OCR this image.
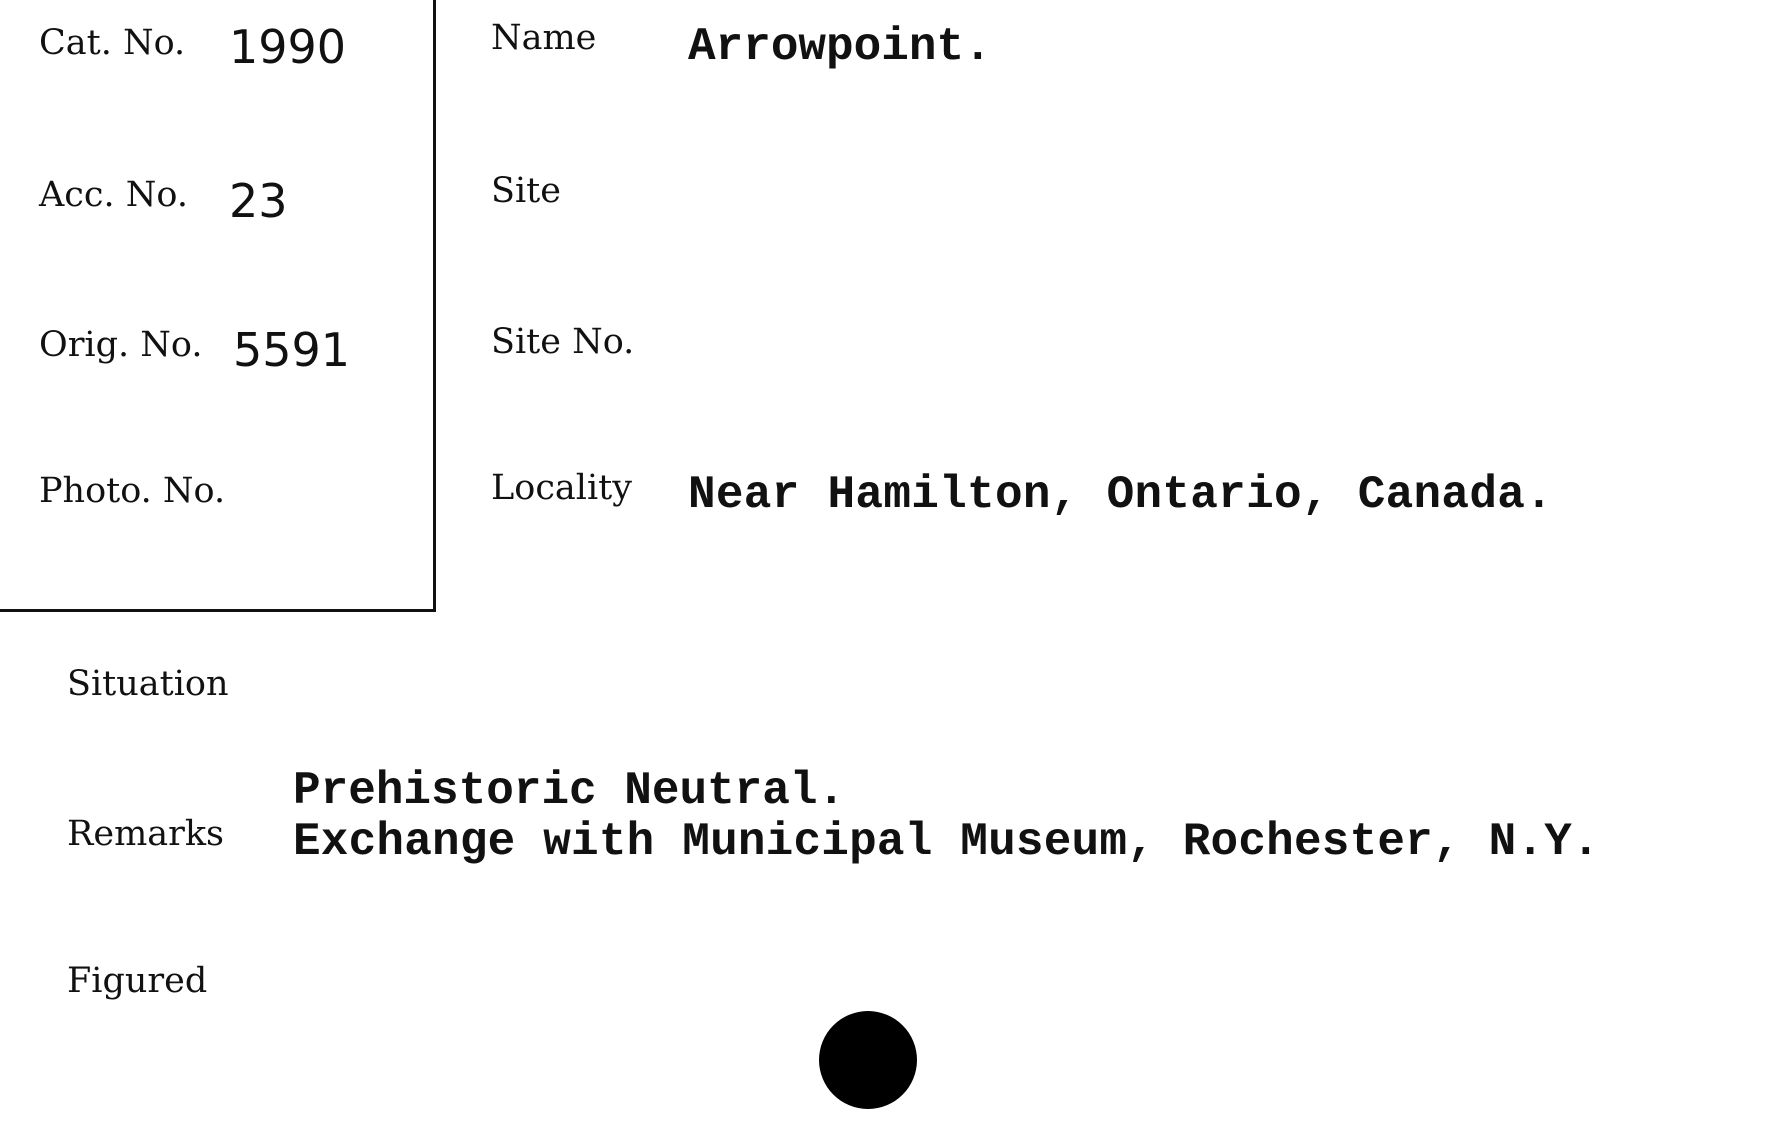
Cat. No. 1990
Acc. No. 23
Orig. No. 5591
Photo. No.
Name Arrowpoint.
Site
Site No.
Locality Near Hamilton, Ontario, Canada.
Situation
Remarks
Prehistoric Neutral.
Exchange with Municipal Museum, Rochester, N.Y.
Figured
